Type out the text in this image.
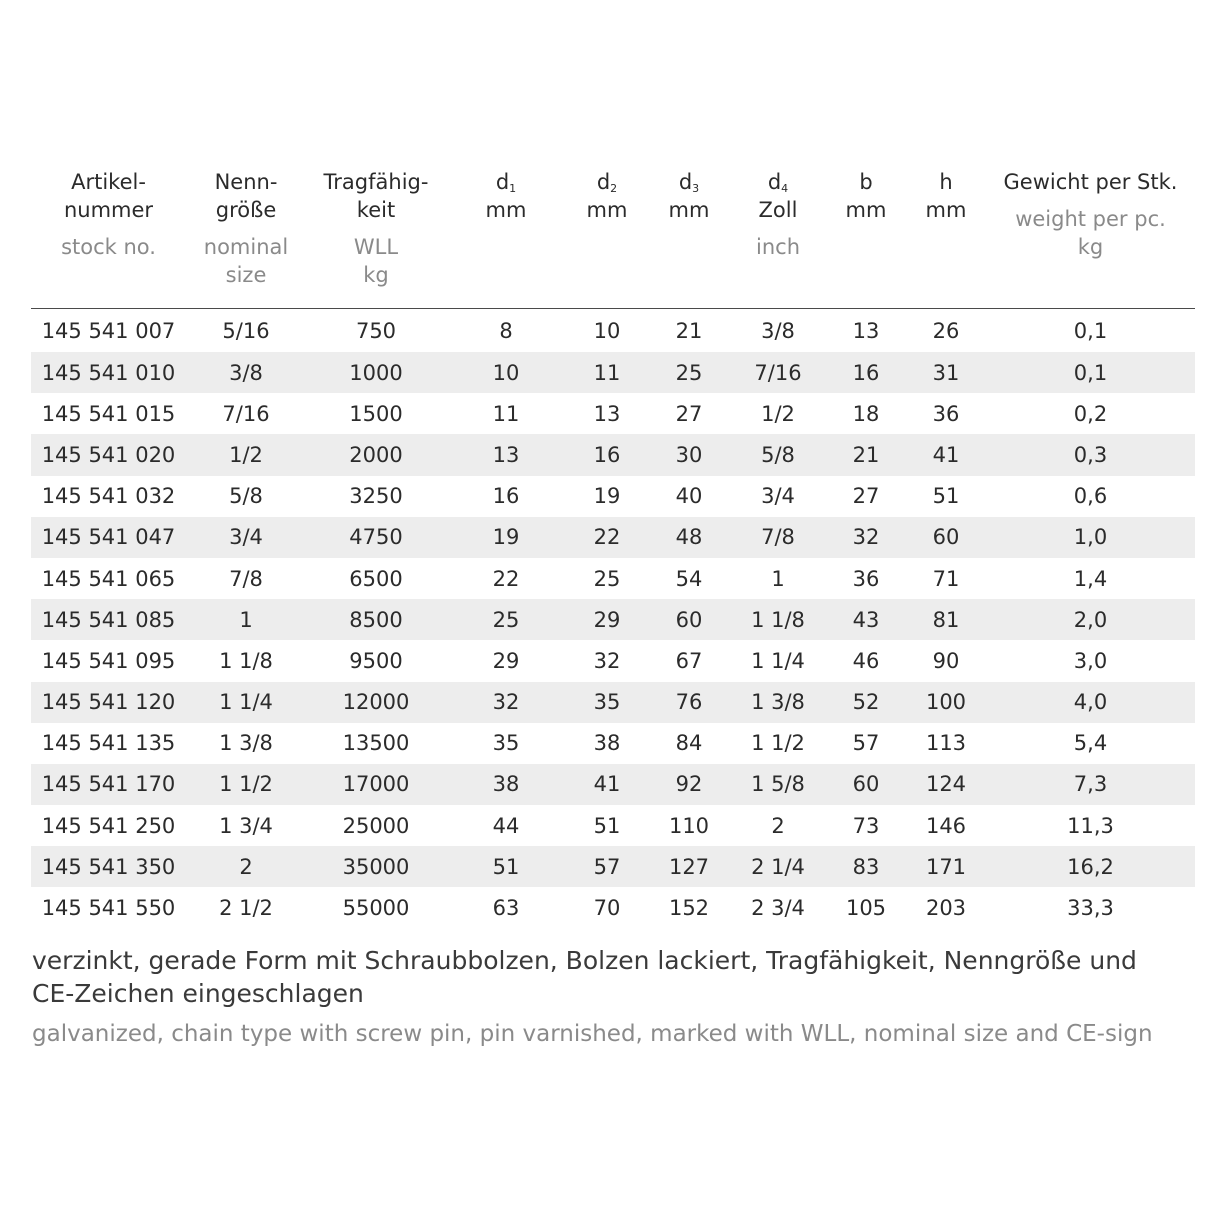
Artikel-
nummer
stock no.	Nenn-
größe
nominal
size	Tragfähig-
keit
WLL
kg	$d_1$
mm	$d_2$
mm	$d_3$
mm	$d_4$
Zoll
inch	b
mm	h
mm	Gewicht per Stk.

weight per pc.
kg

145 541 007	5/16	750	8	10	21	3/8	13	26	0,1
145 541 010	3/8	1000	10	11	25	7/16	16	31	0,1
145 541 015	7/16	1500	11	13	27	1/2	18	36	0,2
145 541 020	1/2	2000	13	16	30	5/8	21	41	0,3
145 541 032	5/8	3250	16	19	40	3/4	27	51	0,6
145 541 047	3/4	4750	19	22	48	7/8	32	60	1,0
145 541 065	7/8	6500	22	25	54	1	36	71	1,4
145 541 085	1	8500	25	29	60	1 1/8	43	81	2,0
145 541 095	1 1/8	9500	29	32	67	1 1/4	46	90	3,0
145 541 120	1 1/4	12000	32	35	76	1 3/8	52	100	4,0
145 541 135	1 3/8	13500	35	38	84	1 1/2	57	113	5,4
145 541 170	1 1/2	17000	38	41	92	1 5/8	60	124	7,3
145 541 250	1 3/4	25000	44	51	110	2	73	146	11,3
145 541 350	2	35000	51	57	127	2 1/4	83	171	16,2
145 541 550	2 1/2	55000	63	70	152	2 3/4	105	203	33,3

verzinkt, gerade Form mit Schraubbolzen, Bolzen lackiert, Tragfähigkeit, Nenngröße und CE-Zeichen eingeschlagen

galvanized, chain type with screw pin, pin varnished, marked with WLL, nominal size and CE-sign
